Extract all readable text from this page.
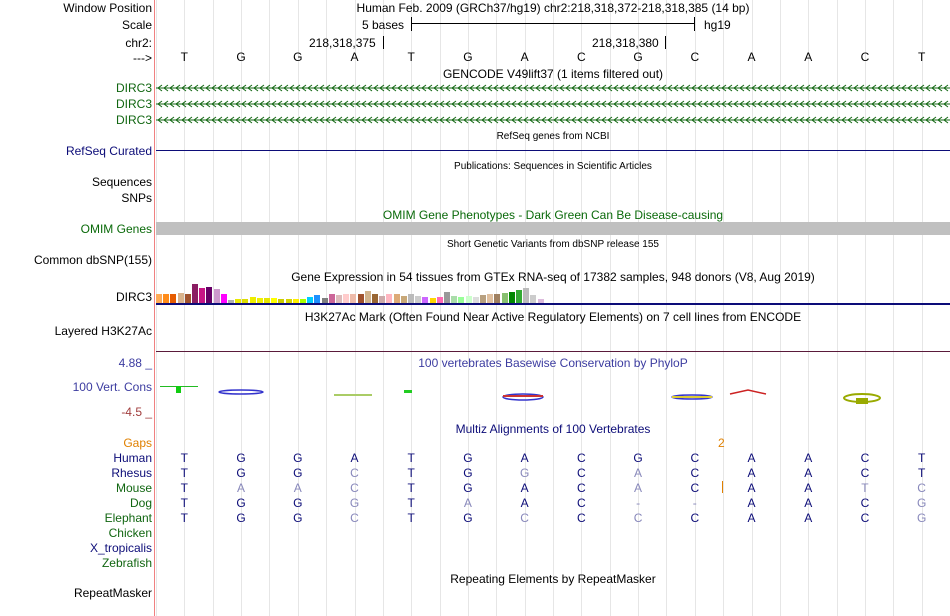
Window Position	Human Feb. 2009 (GRCh37/hg19) chr2:218,318,372-218,318,385 (14 bp)
Scale	5 bases	hg19
chr2:	218,318,375	218,318,380
--->	T	G	G	A	T	G	A	C	G	C	A	A	C	T
GENCODE V49lift37 (1 items filtered out)
DIRC3
DIRC3
DIRC3
RefSeq genes from NCBI
RefSeq Curated
Publications: Sequences in Scientific Articles
Sequences
SNPs
OMIM Gene Phenotypes - Dark Green Can Be Disease-causing
OMIM Genes
Short Genetic Variants from dbSNP release 155
Common dbSNP(155)
Gene Expression in 54 tissues from GTEx RNA-seq of 17382 samples, 948 donors (V8, Aug 2019)
DIRC3
H3K27Ac Mark (Often Found Near Active Regulatory Elements) on 7 cell lines from ENCODE
Layered H3K27Ac
100 vertebrates Basewise Conservation by PhyloP
4.88 _
100 Vert. Cons
-4.5 _
Multiz Alignments of 100 Vertebrates
Gaps	2
Human	T	G	G	A	T	G	A	C	G	C	A	A	C	T
Rhesus	T	G	G	C	T	G	G	C	A	C	A	A	C	T
Mouse	T	A	A	C	T	G	A	C	A	C	A	A	T	C
Dog	T	G	G	G	T	A	A	C	-	-	A	A	C	G
Elephant	T	G	G	C	T	G	C	C	C	C	A	A	C	G
Chicken
X_tropicalis
Zebrafish
Repeating Elements by RepeatMasker
RepeatMasker
